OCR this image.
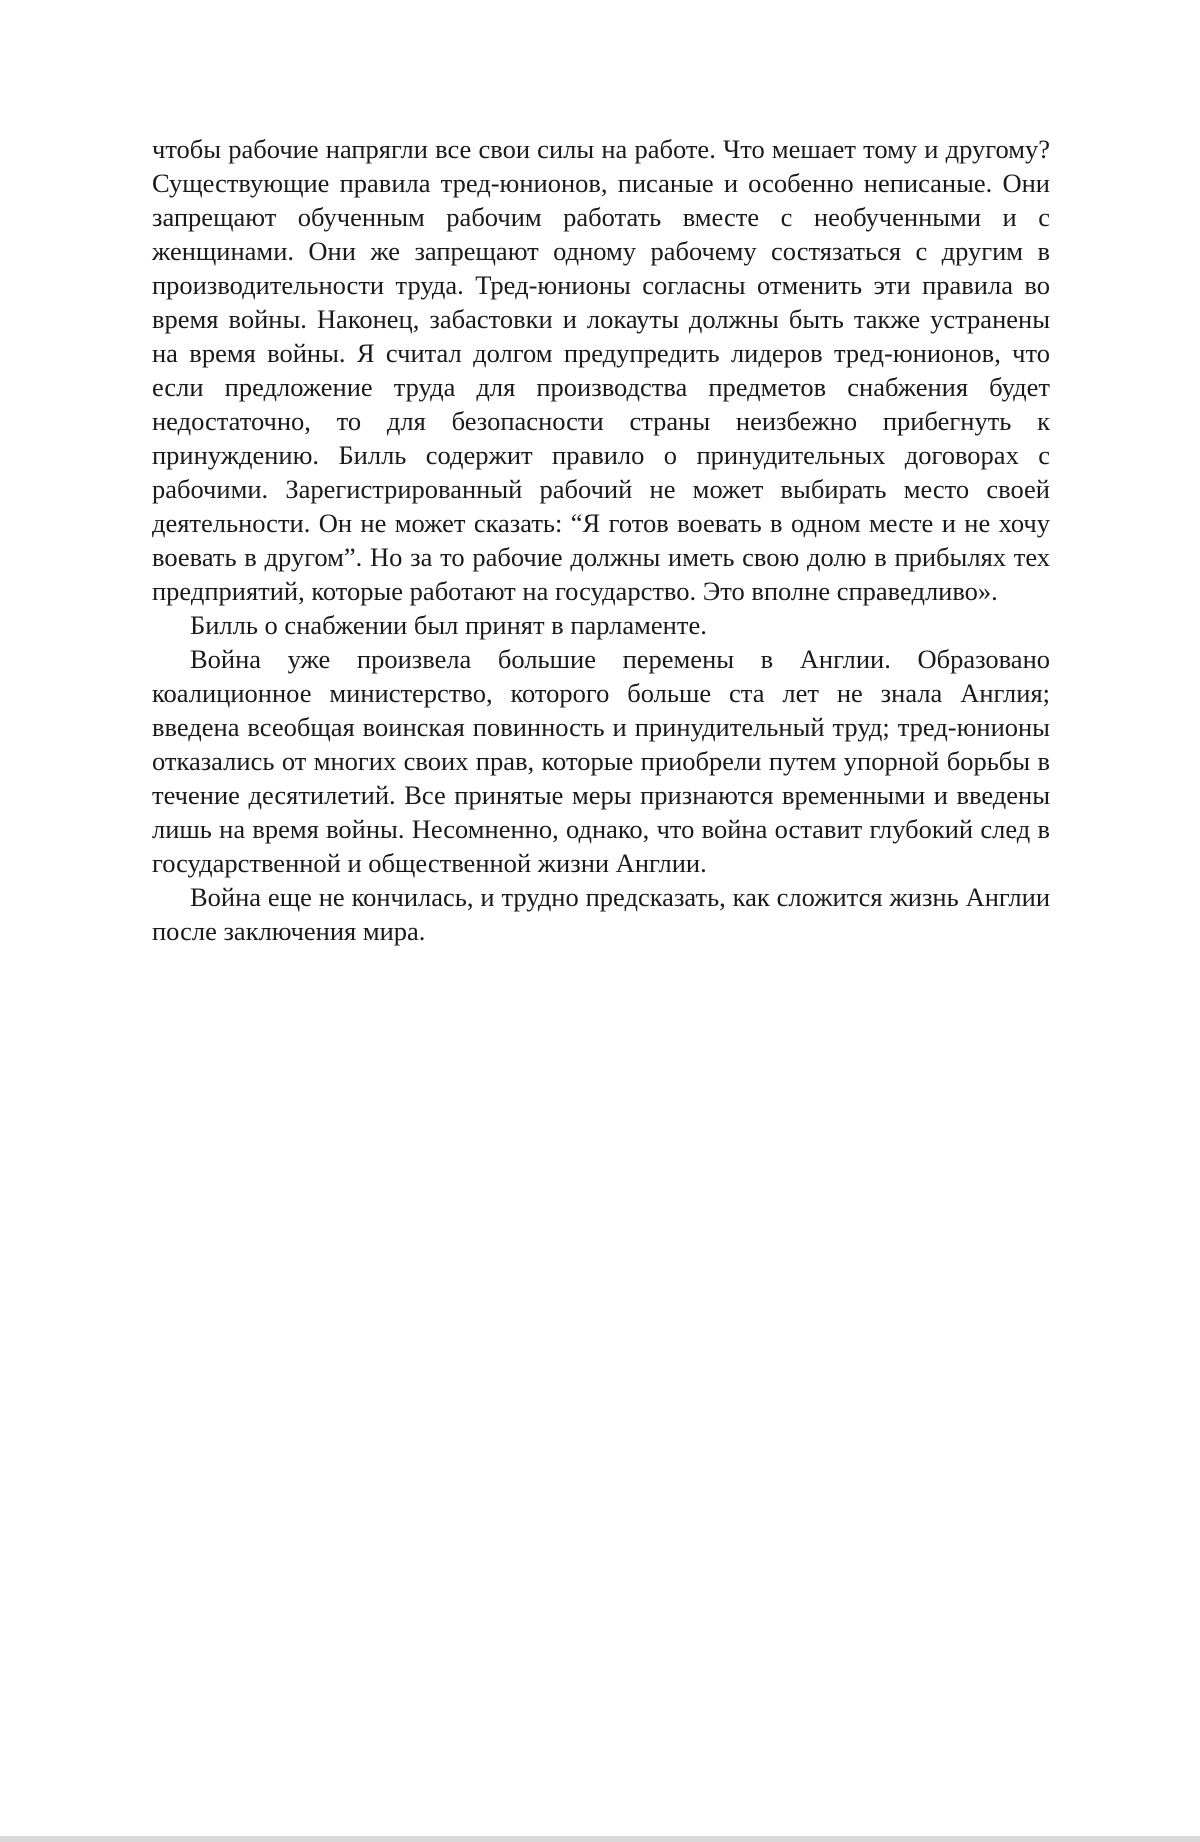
чтобы рабочие напрягли все свои силы на работе. Что мешает тому и другому? Существующие правила тред-юнионов, писаные и особенно неписаные. Они запрещают обученным рабочим работать вместе с необученными и с женщинами. Они же запрещают одному рабочему состязаться с другим в производительности труда. Тред-юнионы согласны отменить эти правила во время войны. Наконец, забастовки и локауты должны быть также устранены на время войны. Я считал долгом предупредить лидеров тред-юнионов, что если предложение труда для производства предметов снабжения будет недостаточно, то для безопасности страны неизбежно прибегнуть к принуждению. Билль содержит правило о принудительных договорах с рабочими. Зарегистрированный рабочий не может выбирать место своей деятельности. Он не может сказать: “Я готов воевать в одном месте и не хочу воевать в другом”. Но за то рабочие должны иметь свою долю в прибылях тех предприятий, которые работают на государство. Это вполне справедливо».

Билль о снабжении был принят в парламенте.

Война уже произвела большие перемены в Англии. Образовано коалиционное министерство, которого больше ста лет не знала Англия; введена всеобщая воинская повинность и принудительный труд; тред-юнионы отказались от многих своих прав, которые приобрели путем упорной борьбы в течение десятилетий. Все принятые меры признаются временными и введены лишь на время войны. Несомненно, однако, что война оставит глубокий след в государственной и общественной жизни Англии.

Война еще не кончилась, и трудно предсказать, как сложится жизнь Англии после заключения мира.
